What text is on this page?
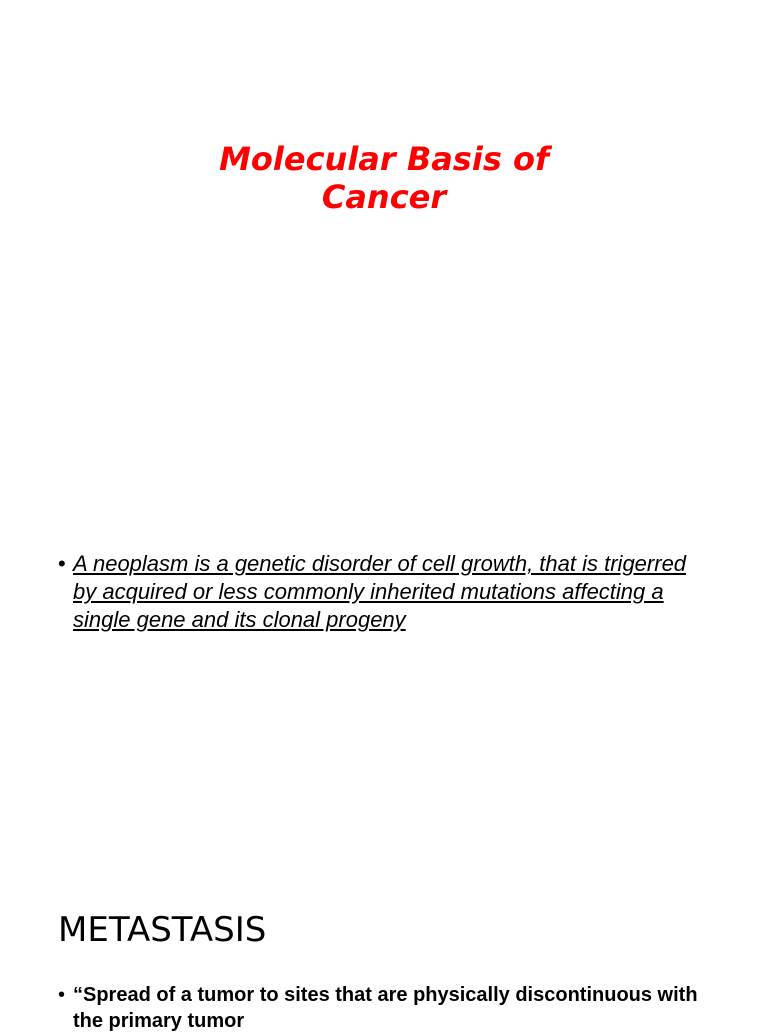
Molecular Basis of
Cancer
• A neoplasm is a genetic disorder of cell growth, that is trigerred by acquired or less commonly inherited mutations affecting a single gene and its clonal progeny
METASTASIS
• “Spread of a tumor to sites that are physically discontinuous with the primary tumor
